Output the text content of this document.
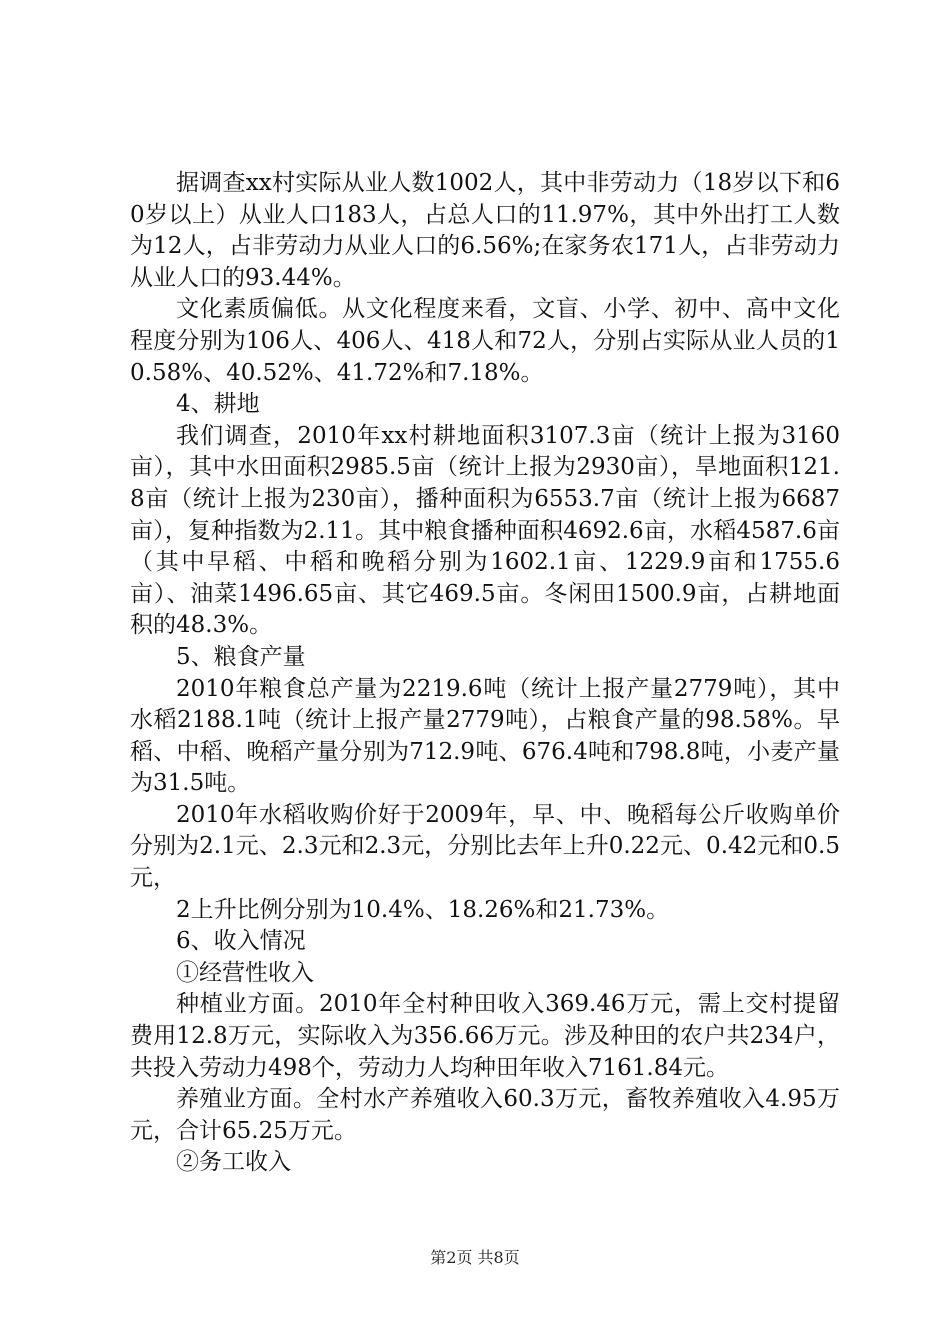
据调查xx村实际从业人数1002人，其中非劳动力（18岁以下和60岁以上）从业人口183人，占总人口的11.97%，其中外出打工人数为12人，占非劳动力从业人口的6.56%;在家务农171人，占非劳动力从业人口的93.44%。

文化素质偏低。从文化程度来看，文盲、小学、初中、高中文化程度分别为106人、406人、418人和72人，分别占实际从业人员的10.58%、40.52%、41.72%和7.18%。

4、耕地

我们调查，2010年xx村耕地面积3107.3亩（统计上报为3160亩），其中水田面积2985.5亩（统计上报为2930亩），旱地面积121.8亩（统计上报为230亩），播种面积为6553.7亩（统计上报为6687亩），复种指数为2.11。其中粮食播种面积4692.6亩，水稻4587.6亩（其中早稻、中稻和晚稻分别为1602.1亩、1229.9亩和1755.6亩）、油菜1496.65亩、其它469.5亩。冬闲田1500.9亩，占耕地面积的48.3%。

5、粮食产量

2010年粮食总产量为2219.6吨（统计上报产量2779吨），其中水稻2188.1吨（统计上报产量2779吨），占粮食产量的98.58%。早稻、中稻、晚稻产量分别为712.9吨、676.4吨和798.8吨，小麦产量为31.5吨。

2010年水稻收购价好于2009年，早、中、晚稻每公斤收购单价分别为2.1元、2.3元和2.3元，分别比去年上升0.22元、0.42元和0.5元，

2上升比例分别为10.4%、18.26%和21.73%。

6、收入情况

①经营性收入

种植业方面。2010年全村种田收入369.46万元，需上交村提留费用12.8万元，实际收入为356.66万元。涉及种田的农户共234户，共投入劳动力498个，劳动力人均种田年收入7161.84元。

养殖业方面。全村水产养殖收入60.3万元，畜牧养殖收入4.95万元，合计65.25万元。

②务工收入

第2页 共8页
